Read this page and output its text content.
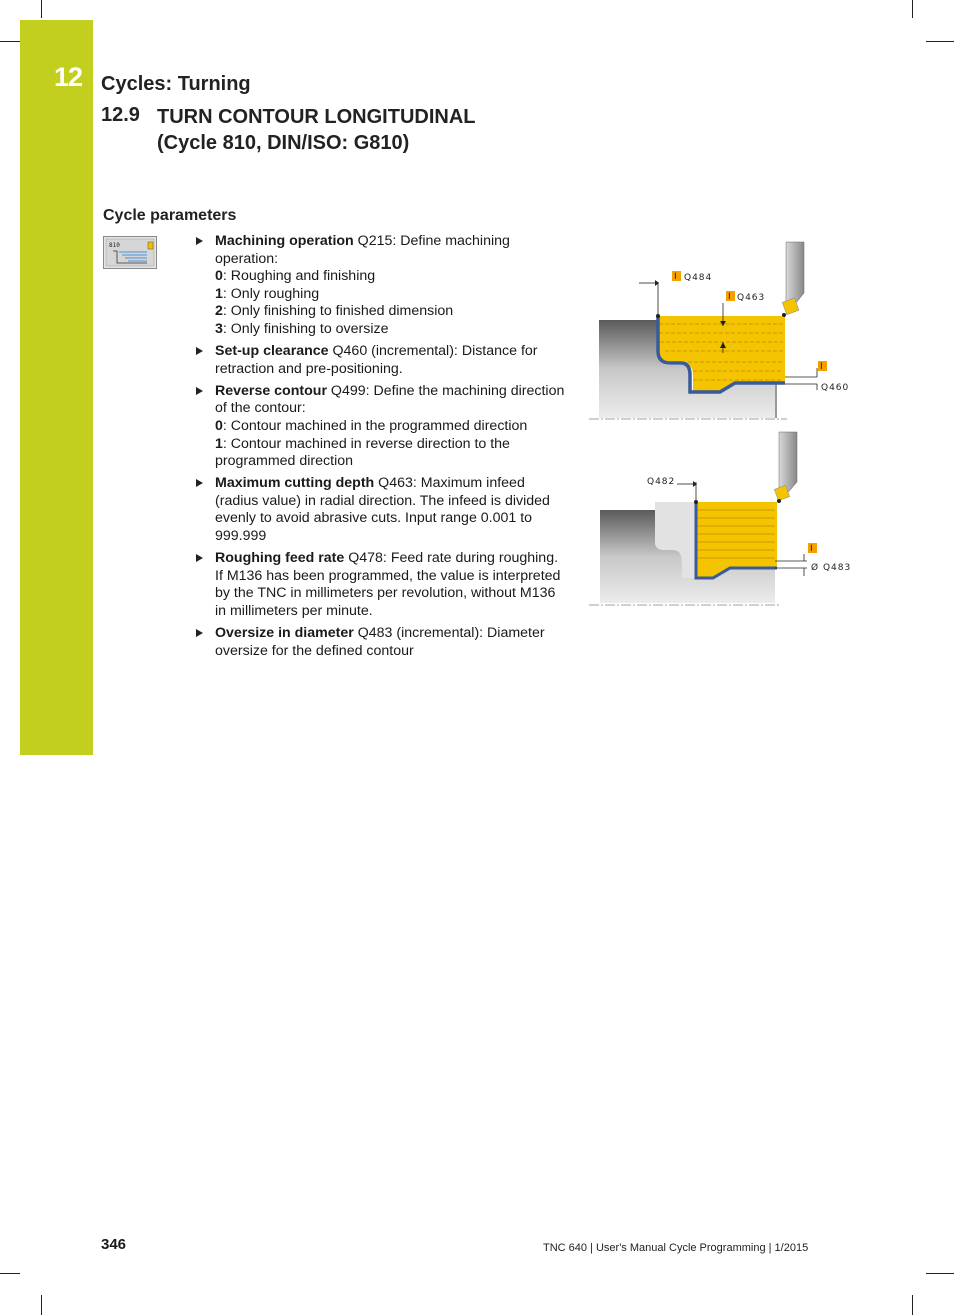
12 Cycles: Turning
12.9 TURN CONTOUR LONGITUDINAL
(Cycle 810, DIN/ISO: G810)
Cycle parameters
810	Machining operation Q215: Define machining operation:
0: Roughing and finishing
1: Only roughing
2: Only finishing to finished dimension
3: Only finishing to oversize
Set-up clearance Q460 (incremental): Distance for retraction and pre-positioning.
Reverse contour Q499: Define the machining direction of the contour:
0: Contour machined in the programmed direction
1: Contour machined in reverse direction to the programmed direction
Maximum cutting depth Q463: Maximum infeed (radius value) in radial direction. The infeed is divided evenly to avoid abrasive cuts. Input range 0.001 to 999.999
Roughing feed rate Q478: Feed rate during roughing. If M136 has been programmed, the value is interpreted by the TNC in millimeters per revolution, without M136 in millimeters per minute.
Oversize in diameter Q483 (incremental): Diameter oversize for the defined contour
I
I
I
Q484
Q463
Q460
I
Q482
Ø Q483
346	TNC 640 | User's Manual Cycle Programming | 1/2015
